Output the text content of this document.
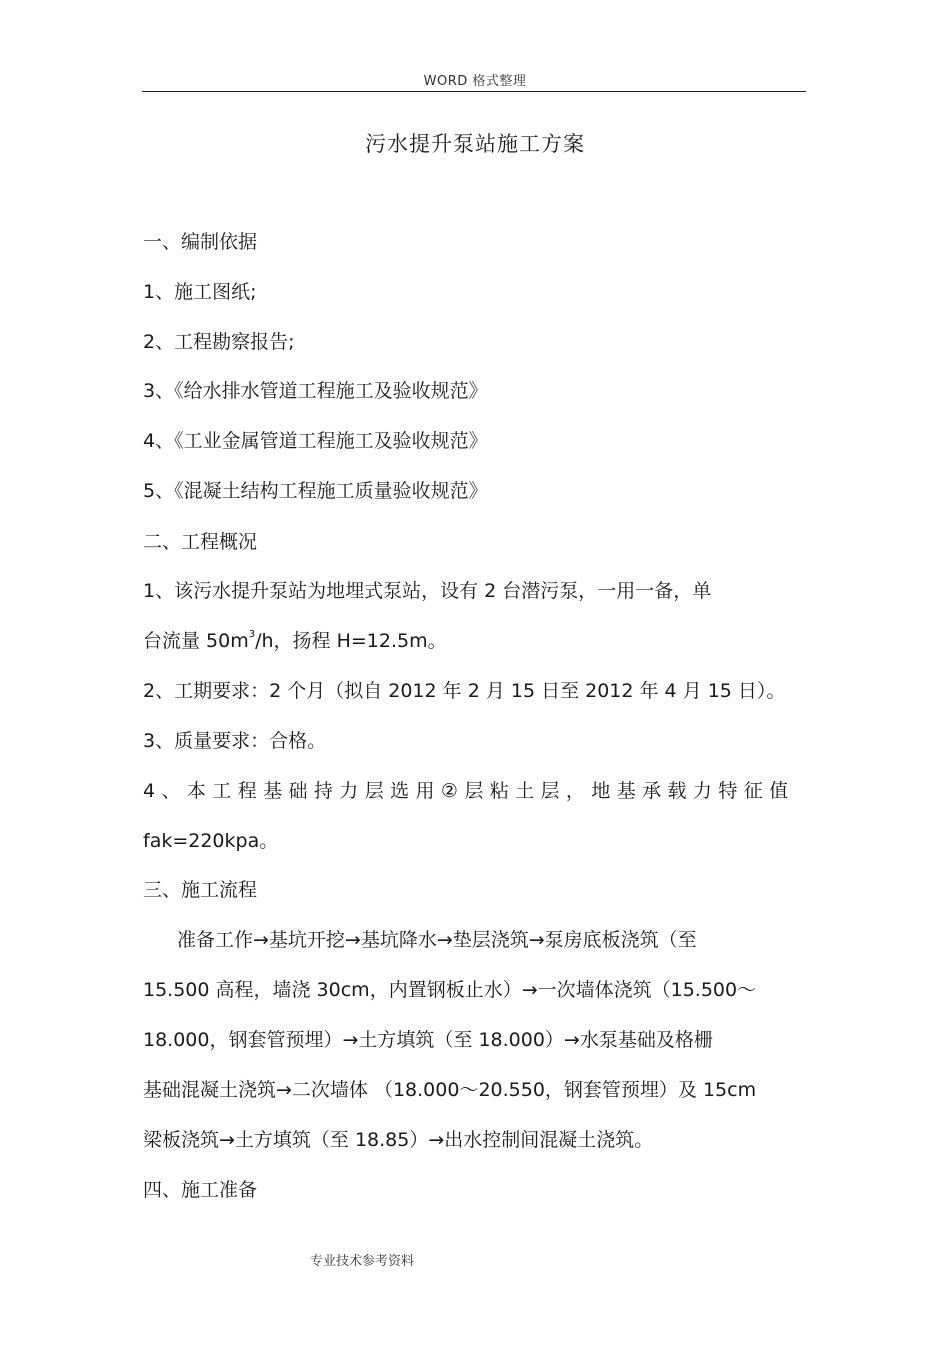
WORD 格式整理
污水提升泵站施工方案
一、编制依据
1、施工图纸;
2、工程勘察报告;
3、《给水排水管道工程施工及验收规范》
4、《工业金属管道工程施工及验收规范》
5、《混凝土结构工程施工质量验收规范》
二、工程概况
1、该污水提升泵站为地埋式泵站，设有 2 台潜污泵，一用一备，单
台流量 $50m^3/h$，扬程 H=12.5m。
2、工期要求：2 个月（拟自 2012 年 2 月 15 日至 2012 年 4 月 15 日）。
3、质量要求：合格。
4、本工程基础持力层选用②层粘土层，地基承载力特征值
fak=220kpa。
三、施工流程
准备工作→基坑开挖→基坑降水→垫层浇筑→泵房底板浇筑（至
15.500 高程，墙浇 30cm，内置钢板止水）→一次墙体浇筑（15.500～
18.000，钢套管预埋）→土方填筑（至 18.000）→水泵基础及格栅
基础混凝土浇筑→二次墙体 （18.000～20.550，钢套管预埋）及 15cm
梁板浇筑→土方填筑（至 18.85）→出水控制间混凝土浇筑。
四、施工准备
专业技术参考资料
